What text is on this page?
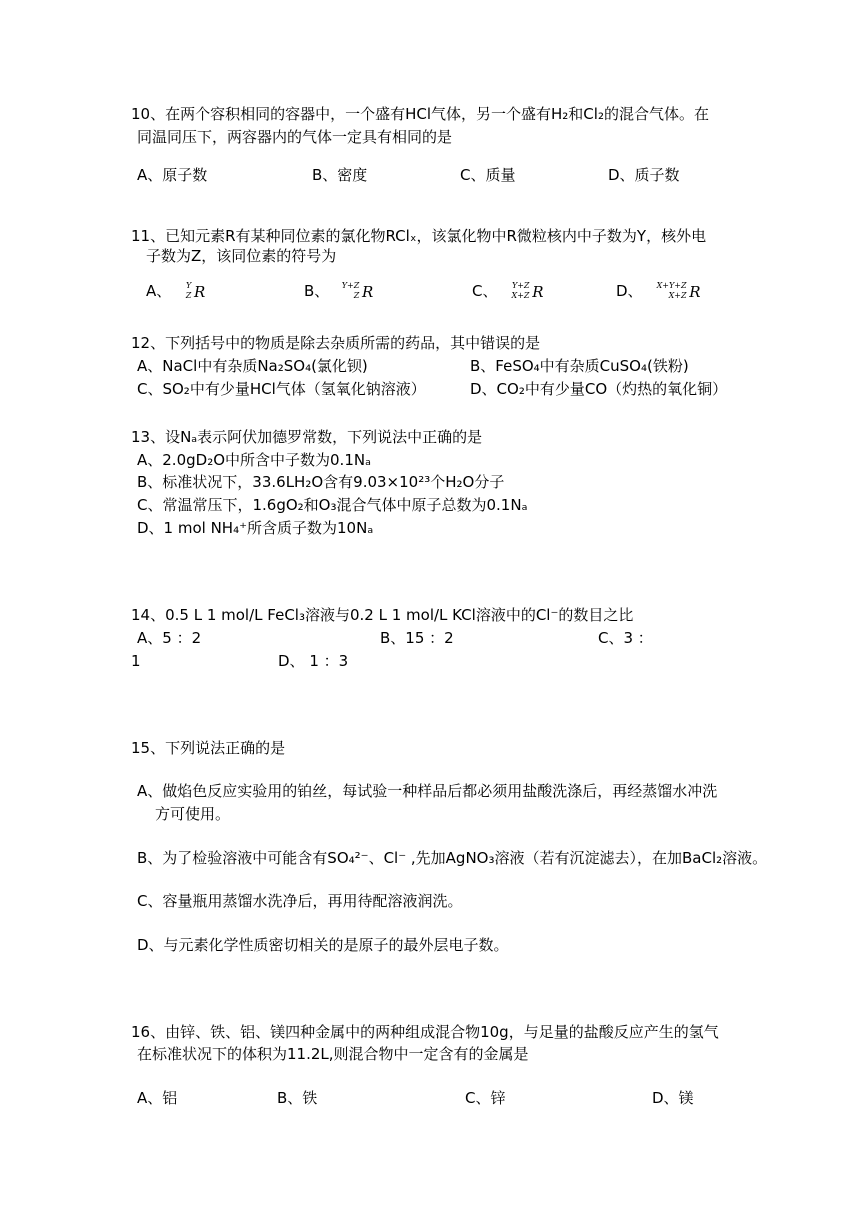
10、在两个容积相同的容器中，一个盛有HCl气体，另一个盛有H₂和Cl₂的混合气体。在
同温同压下，两容器内的气体一定具有相同的是
A、原子数	B、密度	C、质量	D、质子数
11、已知元素R有某种同位素的氯化物RClₓ，该氯化物中R微粒核内中子数为Y，核外电
子数为Z，该同位素的符号为
A、 Y
Z R	B、 Y+Z
Z R	C、 Y+Z
X+Z R	D、 X+Y+Z
X+Z R
12、下列括号中的物质是除去杂质所需的药品，其中错误的是
A、NaCl中有杂质Na₂SO₄(氯化钡)	B、FeSO₄中有杂质CuSO₄(铁粉)
C、SO₂中有少量HCl气体（氢氧化钠溶液）	D、CO₂中有少量CO（灼热的氧化铜）
13、设Nₐ表示阿伏加德罗常数，下列说法中正确的是
A、2.0gD₂O中所含中子数为0.1Nₐ
B、标准状况下，33.6LH₂O含有9.03×10²³个H₂O分子
C、常温常压下，1.6gO₂和O₃混合气体中原子总数为0.1Nₐ
D、1 mol NH₄⁺所含质子数为10Nₐ
14、0.5 L 1 mol/L FeCl₃溶液与0.2 L 1 mol/L KCl溶液中的Cl⁻的数目之比
A、5 ：2	B、15 ：2	C、3 ：
1	D、 1 ：3
15、下列说法正确的是
A、做焰色反应实验用的铂丝，每试验一种样品后都必须用盐酸洗涤后，再经蒸馏水冲洗
方可使用。
B、为了检验溶液中可能含有SO₄²⁻、Cl⁻ ,先加AgNO₃溶液（若有沉淀滤去），在加BaCl₂溶液。
C、容量瓶用蒸馏水洗净后，再用待配溶液润洗。
D、与元素化学性质密切相关的是原子的最外层电子数。
16、由锌、铁、铝、镁四种金属中的两种组成混合物10g，与足量的盐酸反应产生的氢气
在标准状况下的体积为11.2L,则混合物中一定含有的金属是
A、铝	B、铁	C、锌	D、镁
